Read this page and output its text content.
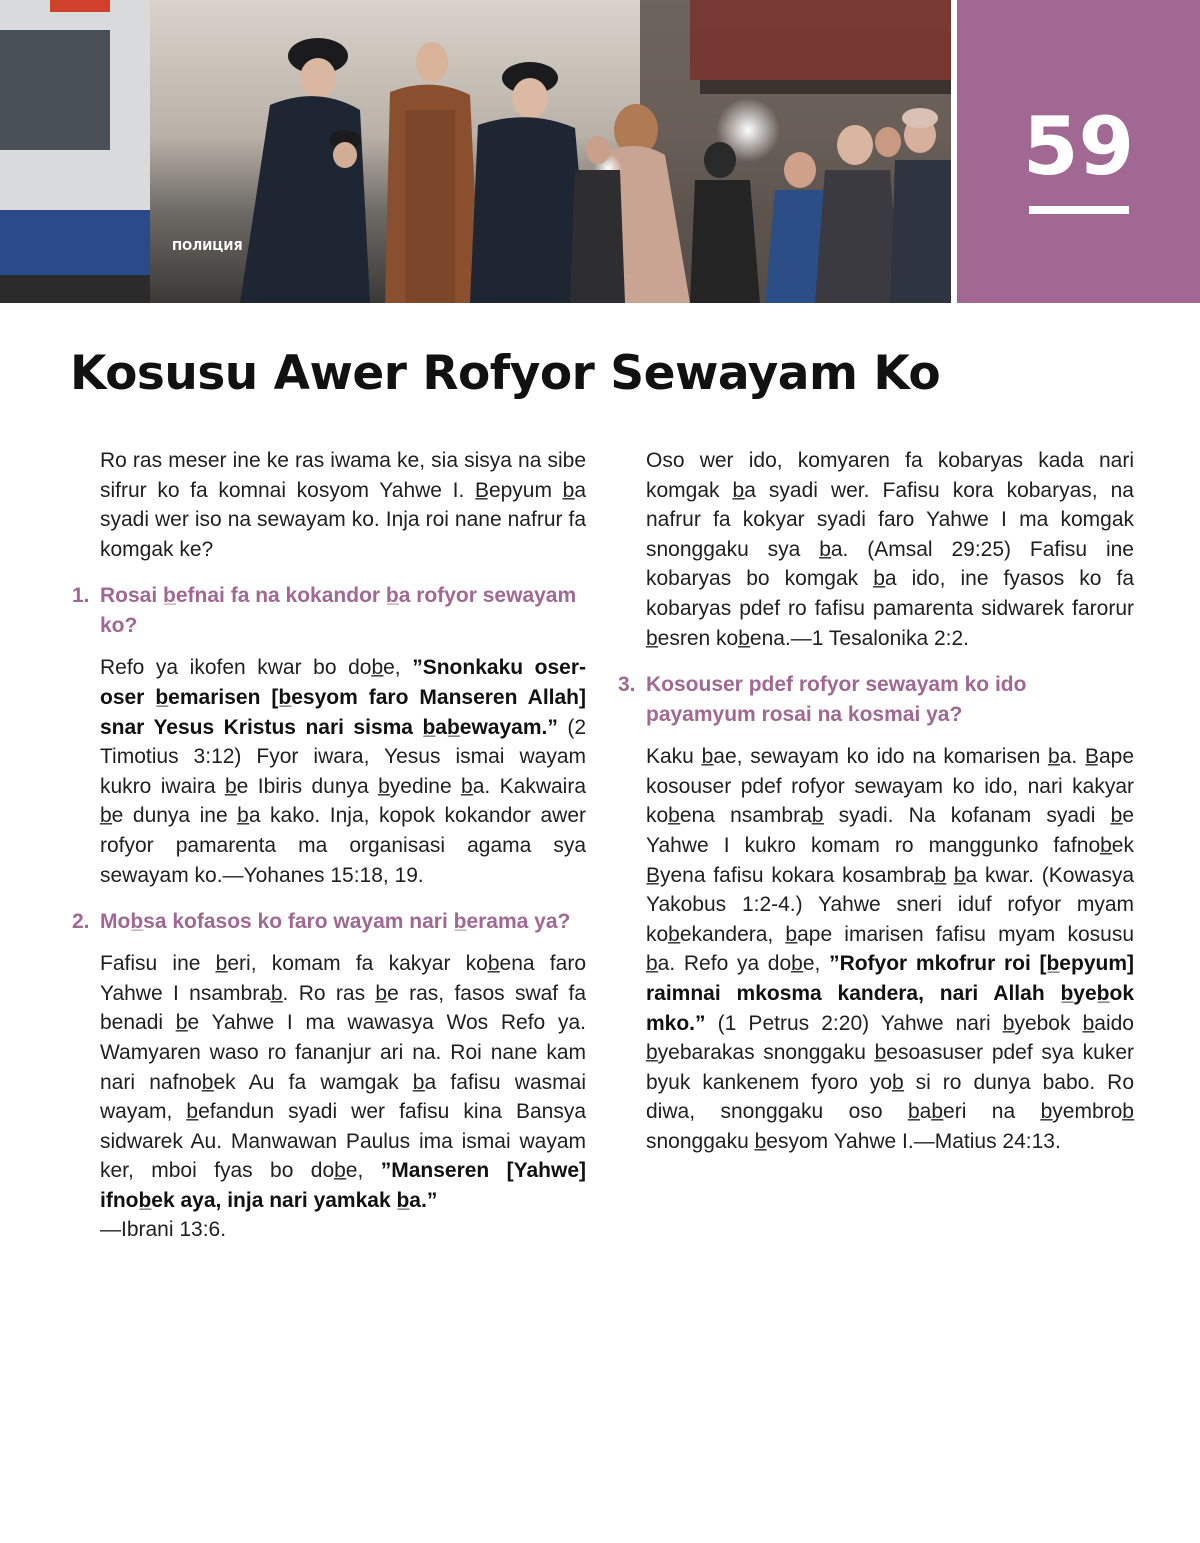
ПОЛИЦИЯ
59
Kosusu Awer Rofyor Sewayam Ko

Ro ras meser ine ke ras iwama ke, sia sisya na sibe sifrur ko fa komnai kosyom Yahwe I. B̲epyum b̲a syadi wer iso na sewayam ko. Inja roi nane nafrur fa komgak ke?

1. Rosai b̲efnai fa na kokandor b̲a rofyor sewayam ko?

Refo ya ikofen kwar bo dob̲e, ”Snonkaku oser-oser b̲emarisen [b̲esyom faro Manseren Allah] snar Yesus Kristus nari sisma b̲ab̲ewayam.” (2 Timotius 3:12) Fyor iwara, Yesus ismai wayam kukro iwaira b̲e Ibiris dunya b̲yedine b̲a. Kakwaira b̲e dunya ine b̲a kako. Inja, kopok kokandor awer rofyor pamarenta ma organisasi agama sya sewayam ko.—Yohanes 15:18, 19.

2. Mob̲sa kofasos ko faro wayam nari b̲erama ya?

Fafisu ine b̲eri, komam fa kakyar kob̲ena faro Yahwe I nsambrab̲. Ro ras b̲e ras, fasos swaf fa benadi b̲e Yahwe I ma wawasya Wos Refo ya. Wamyaren waso ro fananjur ari na. Roi nane kam nari nafnob̲ek Au fa wamgak b̲a fafisu wasmai wayam, b̲efandun syadi wer fafisu kina Bansya sidwarek Au. Manwawan Paulus ima ismai wayam ker, mboi fyas bo dob̲e, ”Manseren [Yahwe] ifnob̲ek aya, inja nari yamkak b̲a.”
—Ibrani 13:6.

Oso wer ido, komyaren fa kobaryas kada nari komgak b̲a syadi wer. Fafisu kora kobaryas, na nafrur fa kokyar syadi faro Yahwe I ma komgak snonggaku sya b̲a. (Amsal 29:25) Fafisu ine kobaryas bo komgak b̲a ido, ine fyasos ko fa kobaryas pdef ro fafisu pamarenta sidwarek farorur b̲esren kob̲ena.—1 Tesalonika 2:2.

3. Kosouser pdef rofyor sewayam ko ido payamyum rosai na kosmai ya?

Kaku b̲ae, sewayam ko ido na komarisen b̲a. B̲ape kosouser pdef rofyor sewayam ko ido, nari kakyar kob̲ena nsambrab̲ syadi. Na kofanam syadi b̲e Yahwe I kukro komam ro manggunko fafnob̲ek B̲yena fafisu kokara kosambrab̲ b̲a kwar. (Kowasya Yakobus 1:2-4.) Yahwe sneri iduf rofyor myam kob̲ekandera, b̲ape imarisen fafisu myam kosusu b̲a. Refo ya dob̲e, ”Rofyor mkofrur roi [b̲epyum] raimnai mkosma kandera, nari Allah b̲yeb̲ok mko.” (1 Petrus 2:20) Yahwe nari b̲yebok b̲aido b̲yebarakas snonggaku b̲esoasuser pdef sya kuker byuk kankenem fyoro yob̲ si ro dunya babo. Ro diwa, snonggaku oso b̲ab̲eri na b̲yembrob̲ snonggaku b̲esyom Yahwe I.—Matius 24:13.
